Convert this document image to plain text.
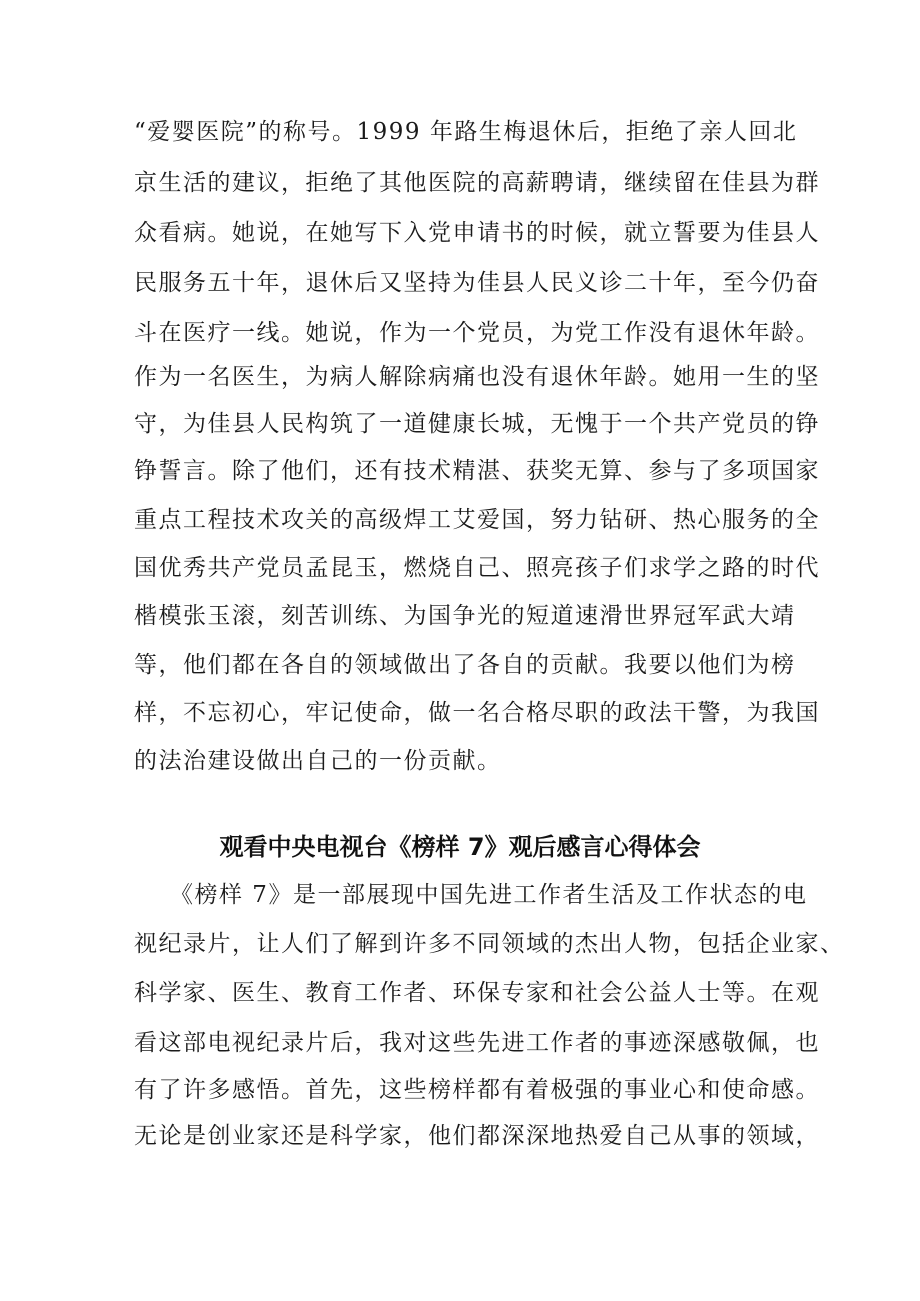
“爱婴医院”的称号。1999 年路生梅退休后，拒绝了亲人回北
京生活的建议，拒绝了其他医院的高薪聘请，继续留在佳县为群
众看病。她说，在她写下入党申请书的时候，就立誓要为佳县人
民服务五十年，退休后又坚持为佳县人民义诊二十年，至今仍奋
斗在医疗一线。她说，作为一个党员，为党工作没有退休年龄。
作为一名医生，为病人解除病痛也没有退休年龄。她用一生的坚
守，为佳县人民构筑了一道健康长城，无愧于一个共产党员的铮
铮誓言。除了他们，还有技术精湛、获奖无算、参与了多项国家
重点工程技术攻关的高级焊工艾爱国，努力钻研、热心服务的全
国优秀共产党员孟昆玉，燃烧自己、照亮孩子们求学之路的时代
楷模张玉滚，刻苦训练、为国争光的短道速滑世界冠军武大靖
等，他们都在各自的领域做出了各自的贡献。我要以他们为榜
样，不忘初心，牢记使命，做一名合格尽职的政法干警，为我国
的法治建设做出自己的一份贡献。
观看中央电视台《榜样 7》观后感言心得体会
《榜样 7》是一部展现中国先进工作者生活及工作状态的电
视纪录片，让人们了解到许多不同领域的杰出人物，包括企业家、
科学家、医生、教育工作者、环保专家和社会公益人士等。在观
看这部电视纪录片后，我对这些先进工作者的事迹深感敬佩，也
有了许多感悟。首先，这些榜样都有着极强的事业心和使命感。
无论是创业家还是科学家，他们都深深地热爱自己从事的领域，
